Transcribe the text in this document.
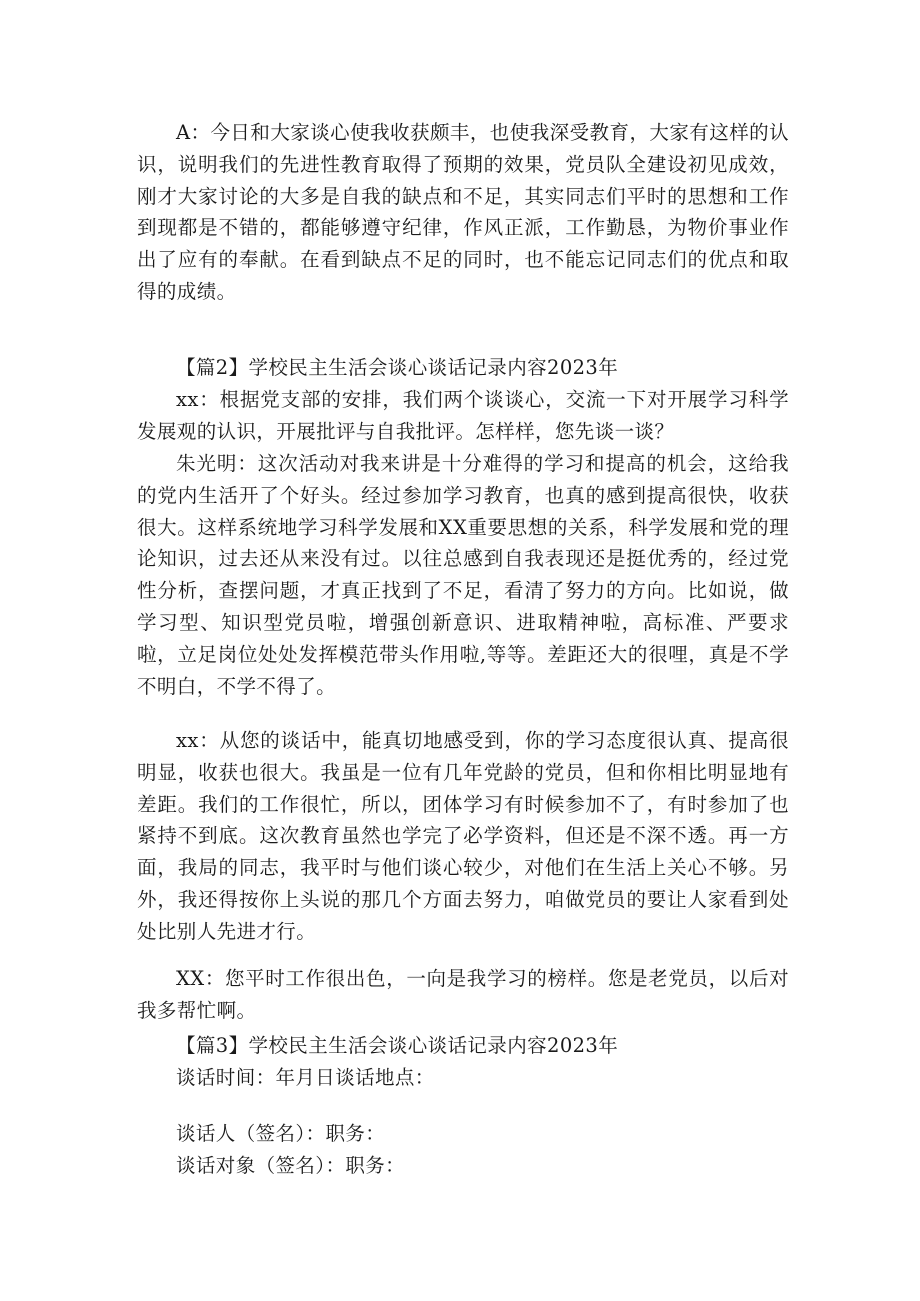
A：今日和大家谈心使我收获颇丰，也使我深受教育，大家有这样的认识，说明我们的先进性教育取得了预期的效果，党员队全建设初见成效，刚才大家讨论的大多是自我的缺点和不足，其实同志们平时的思想和工作到现都是不错的，都能够遵守纪律，作风正派，工作勤恳，为物价事业作出了应有的奉献。在看到缺点不足的同时，也不能忘记同志们的优点和取得的成绩。

【篇2】学校民主生活会谈心谈话记录内容2023年

xx：根据党支部的安排，我们两个谈谈心，交流一下对开展学习科学发展观的认识，开展批评与自我批评。怎样样，您先谈一谈？

朱光明：这次活动对我来讲是十分难得的学习和提高的机会，这给我的党内生活开了个好头。经过参加学习教育，也真的感到提高很快，收获很大。这样系统地学习科学发展和XX重要思想的关系，科学发展和党的理论知识，过去还从来没有过。以往总感到自我表现还是挺优秀的，经过党性分析，查摆问题，才真正找到了不足，看清了努力的方向。比如说，做学习型、知识型党员啦，增强创新意识、进取精神啦，高标准、严要求啦，立足岗位处处发挥模范带头作用啦,等等。差距还大的很哩，真是不学不明白，不学不得了。

xx：从您的谈话中，能真切地感受到，你的学习态度很认真、提高很明显，收获也很大。我虽是一位有几年党龄的党员，但和你相比明显地有差距。我们的工作很忙，所以，团体学习有时候参加不了，有时参加了也紧持不到底。这次教育虽然也学完了必学资料，但还是不深不透。再一方面，我局的同志，我平时与他们谈心较少，对他们在生活上关心不够。另外，我还得按你上头说的那几个方面去努力，咱做党员的要让人家看到处处比别人先进才行。

XX：您平时工作很出色，一向是我学习的榜样。您是老党员，以后对我多帮忙啊。

【篇3】学校民主生活会谈心谈话记录内容2023年

谈话时间：年月日谈话地点：

谈话人（签名）：职务：

谈话对象（签名）：职务：
